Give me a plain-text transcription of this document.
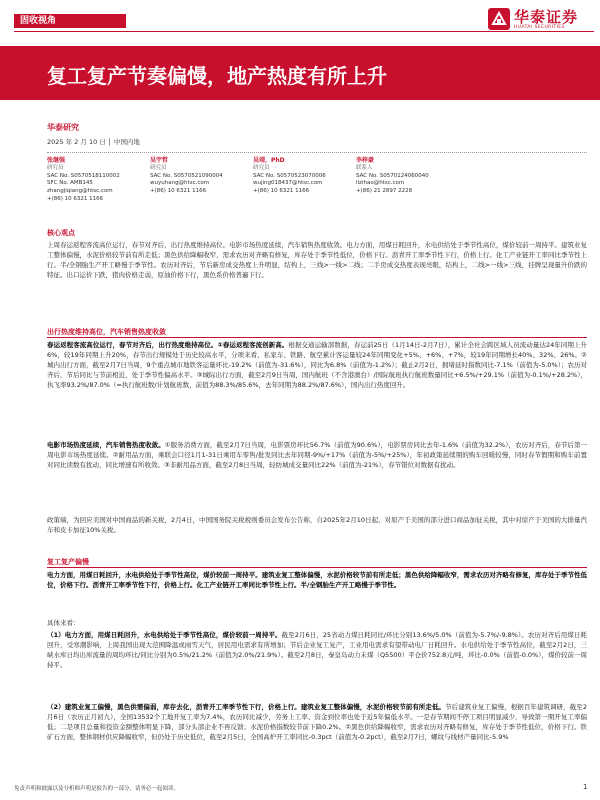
固收视角	华泰证券
HUATAI SECURITIES
复工复产节奏偏慢，地产热度有所上升
华泰研究
2025 年 2 月 10 日 │ 中国内地
张继强
研究员
SAC No. S0570518110002
SFC No. AMB145
zhangjiqiang@htsc.com
+(86) 10 6321 1166
吴宇哲
研究员
SAC No. S0570521090004
wuyuhang@htsc.com
+(86) 10 6321 1166
吴靖，PhD
研究员
SAC No. S0570523070006
wujing018437@htsc.com
+(86) 10 6321 1166
李梓豪
联系人
SAC No. S0570124060040
lizihao@htsc.com
+(86) 21 2897 2228
核心观点
上周春运返程客流高位运行，春节对齐后，出行热度维持高位。电影市场热度延续，汽车销售热度收敛。电力方面，用煤日耗回升，水电供给处于季节性高位，煤价较前一周持平。建筑业复工整体偏慢，水泥价格较节前有所走低；黑色供给降幅收窄，需求农历对齐略有修复，库存处于季节性低位，价格下行。沥青开工率季节性下行，价格上行。化工产业链开工率同比季节性上行。半/全钢胎生产开工略慢于季节性。农历对齐后，节后新房成交热度上升明显，结构上，三线>一线>二线；二手房成交热度表现亮眼，结构上，二线>一线>三线，挂牌呈现量升价跌的特征。出口运价下跌，猪肉价格走弱，原油价格下行，黑色系价格普遍下行。
出行热度维持高位，汽车销售热度收敛
春运返程客流高位运行，春节对齐后，出行热度维持高位。①春运返程客流创新高。根据交通运输部数据，春运前25日（1月14日-2月7日），累计全社会跨区域人员流动量达24年同期上升6%，较19年同期上升20%，春节出行规模处于历史较高水平，分项来看，私家车、铁路、航空累计客运量较24年同期变化+5%、+6%、+7%，较19年同期增长40%、32%、26%。②城内出行方面，截至2月7日当周，9个重点城市地铁客运量环比-19.2%（前值为-31.6%），同比为6.8%（前值为-1.2%）；截止2月2日，拥堵延时指数同比-7.1%（前值为-5.0%）；农历对齐后，节后同比与节前相近，处于季节性偏高水平。③城际出行方面，截至2月9日当周，国内航班（不含港澳台）/国际航班执行航班数量同比+6.5%/+29.1%（前值为-0.1%/+28.2%），执飞率93.2%/87.0%（=执行航班数/计划航班数，前值为88.3%/85.6%，去年同期为88.2%/87.6%），国内出行热度回升。
电影市场热度延续，汽车销售热度收敛。①服务消费方面，截至2月7日当周，电影票房环比56.7%（前值为90.6%），电影票房同比去年-1.6%（前值为32.2%），农历对齐后，春节后第一周电影市场热度延续。②耐用品方面，乘联会口径1月1-31日乘用车零售/批发同比去年同期-9%/+17%（前值为-5%/+25%），年初政策延续期的购车回暖较慢，同时春节假期和购车前置对同比读数有扰动，同比增速有所收敛。③非耐用品方面，截至2月8日当周，轻纺城成交量同比22%（前值为-21%），春节错位对数据有扰动。
政策端，为回应美国对中国商品的新关税，2月4日，中国国务院关税税则委员会发布公告称，自2025年2月10日起，对原产于美国的部分进口商品加征关税，其中对原产于美国的大排量汽车和皮卡加征10%关税。
复工复产偏慢
电力方面，用煤日耗回升，水电供给处于季节性高位，煤价较前一周持平。建筑业复工整体偏慢，水泥价格较节前有所走低；黑色供给降幅收窄，需求农历对齐略有修复，库存处于季节性低位，价格下行。沥青开工率季节性下行，价格上行。化工产业链开工率同比季节性上行。半/全钢胎生产开工略慢于季节性。
具体来看：
（1）电力方面，用煤日耗回升，水电供给处于季节性高位，煤价较前一周持平。截至2月6日，25省动力煤日耗同比/环比分别13.6%/5.0%（前值为-5.7%/-9.8%）。农历对齐后用煤日耗回升，受寒潮影响，上周我国出现大范围降温或雨雪天气，居民用电需求有所增加；节后企业复工复产，工业用电需求有望带动电厂日耗回升。水电供给处于季节性高位，截至2月2日，三峡水库日均出库流量的周均环比/同比分别为0.5%/21.2%（前值为2.0%/21.9%）。截至2月8日，秦皇岛动力末煤（Q5500）平仓价752.8元/吨，环比-0.0%（前值-0.0%），煤价较前一周持平。
（2）建筑业复工偏慢，黑色供需偏弱，库存去化，沥青开工率季节性下行，价格上行。建筑业复工整体偏慢，水泥价格较节前有所走低。节后建筑业复工偏慢，根据百年建筑调研，截至2月6日（农历正月初九），全国13532个工地开复工率为7.4%，农历同比减少，劳务上工率、资金到位率也处于近5年偏低水平。一是春节期间不停工项目明显减少，导致第一期开复工率偏低；二是项目总量和投资金额整体明显下降，部分头部企业不再反馈；水泥价格指数较节前下降0.2%。②黑色供给降幅收窄，需求农历对齐略有修复，库存处于季节性低位，价格下行。铁矿石方面，整体钢材供应降幅收窄，但仍处于历史低位，截至2月5日，全国高炉开工率同比-0.3pct（前值为-0.2pct），截至2月7日，螺纹与线材产量同比-5.9%
免责声明和披露以及分析师声明是报告的一部分，请务必一起阅读。	1
